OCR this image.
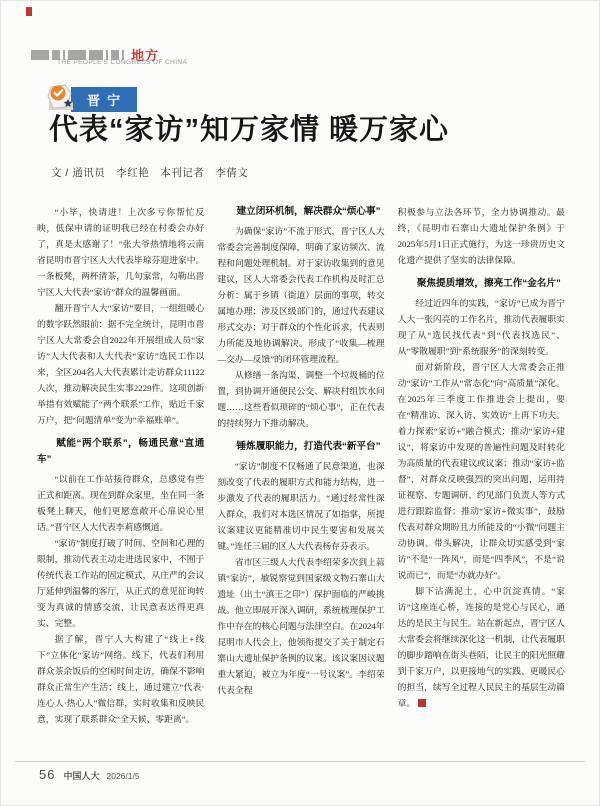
地方
THE PEOPLE'S CONGRESS OF CHINA
晋宁
代表“家访”知万家情 暖万家心
文 / 通讯员　李红艳　本刊记者　李倩文

“小毕，快请进！上次多亏你帮忙反映，低保申请的证明我已经在村委会办好了，真是太感谢了！”张大爷热情地将云南省昆明市晋宁区人大代表毕琼芬迎进家中。一条板凳，两杯清茶，几句家常，勾勒出晋宁区人大代表“家访”群众的温馨画面。

翻开晋宁人大“家访”要目，一组组暖心的数字跃然眼前：据不完全统计，昆明市晋宁区人大常委会自2022年开展组成人员“家访”人大代表和人大代表“家访”选民工作以来，全区204名人大代表累计走访群众11122人次，推动解决民生实事2229件。这项创新举措有效赋能了“两个联系”工作，贴近千家万户，把“问题清单”变为“幸福账单”。

赋能“两个联系”，畅通民意“直通车”

“以前在工作站接待群众，总感觉有些正式和距离。现在到群众家里，坐在同一条板凳上聊天，他们更愿意敞开心扉说心里话。”晋宁区人大代表李莉感慨道。

“家访”制度打破了时间、空间和心理的限制，推动代表主动走进选民家中，不囿于传统代表工作站的固定模式，从庄严的会议厅延伸到温馨的客厅，从正式的意见征询转变为真诚的情感交流，让民意表达得更真实、完整。

据了解，晋宁人大构建了“线上+线下”立体化“家访”网络。线下，代表们利用群众茶余饭后的空闲时间走访，确保不影响群众正常生产生活；线上，通过建立“代表·连心人·热心人”微信群，实时收集和反映民意，实现了联系群众“全天候、零距离”。

建立闭环机制，解决群众“烦心事”

为确保“家访”不流于形式，晋宁区人大常委会完善制度保障，明确了家访频次、流程和问题处理机制。对于家访收集到的意见建议，区人大常委会代表工作机构及时汇总分析：属于乡镇（街道）层面的事项，转交属地办理；涉及区级部门的，通过代表建议形式交办；对于群众的个性化诉求，代表则力所能及地协调解决。形成了“收集—梳理—交办—反馈”的闭环管理流程。

从修缮一条沟渠、调整一个垃圾桶的位置，到协调开通便民公交、解决村组饮水问题……这些看似琐碎的“烦心事”，正在代表的持续努力下推动解决。

锤炼履职能力，打造代表“新平台”

“家访”制度不仅畅通了民意渠道，也深刻改变了代表的履职方式和能力结构，进一步激发了代表的履职活力。“通过经常性深入群众，我们对本选区情况了如指掌，所提议案建议更能精准切中民生要害和发展关键。”连任三届的区人大代表杨存芬表示。

省市区三级人大代表李绍荣多次到上蒜镇“家访”，敏锐察觉到国家级文物石寨山大遗址（出土“滇王之印”）保护面临的严峻挑战。他立即展开深入调研，系统梳理保护工作中存在的核心问题与法律空白。在2024年昆明市人代会上，他领衔提交了关于制定石寨山大遗址保护条例的议案。该议案因议题重大紧迫，被立为年度“一号议案”。李绍荣代表全程

积极参与立法各环节，全力协调推动。最终，《昆明市石寨山大遗址保护条例》于2025年5月1日正式施行，为这一珍贵历史文化遗产提供了坚实的法律保障。

聚焦提质增效，擦亮工作“金名片”

经过近四年的实践，“家访”已成为晋宁人大一张闪亮的工作名片，推动代表履职实现了从“选民找代表”到“代表找选民”、从“零散履职”到“系统服务”的深刻转变。

面对新阶段，晋宁区人大常委会正推动“家访”工作从“常态化”向“高质量”深化。在2025年三季度工作推进会上提出，要在“精准访、深入访、实效访”上再下功夫。着力探索“家访+”融合模式：推动“家访+建议”，将家访中发现的普遍性问题及时转化为高质量的代表建议或议案；推动“家访+监督”，对群众反映强烈的突出问题，运用持证视察、专题调研、约见部门负责人等方式进行跟踪监督；推动“家访+微实事”，鼓励代表对群众期盼且力所能及的“小微”问题主动协调、带头解决，让群众切实感受到“家访”不是“一阵风”，而是“四季风”，不是“说说而已”，而是“办就办好”。

脚下沾满泥土，心中沉淀真情。“家访”这座连心桥，连接的是党心与民心，通达的是民主与民生。站在新起点，晋宁区人大常委会将继续深化这一机制，让代表履职的脚步踏响在街头巷陌，让民主的阳光照耀到千家万户，以更接地气的实践、更暖民心的担当，续写全过程人民民主的基层生动篇章。

56 中国人大 2026/1/5
